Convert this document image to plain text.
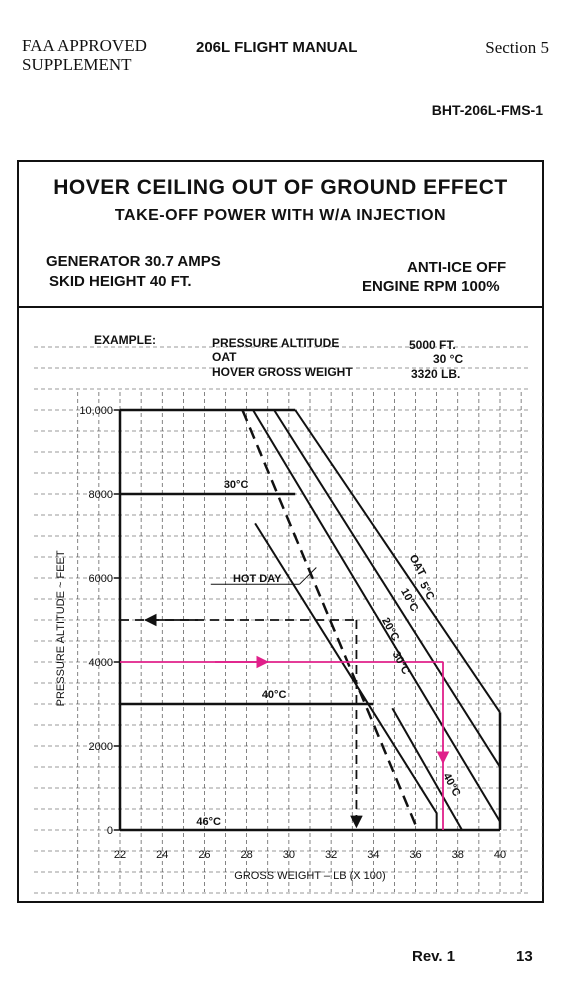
FAA APPROVED
SUPPLEMENT
206L FLIGHT MANUAL	Section 5
BHT-206L-FMS-1
HOVER CEILING OUT OF GROUND EFFECT
TAKE-OFF POWER WITH W/A INJECTION
GENERATOR 30.7 AMPS
SKID HEIGHT 40 FT.
ANTI-ICE OFF
ENGINE RPM 100%
EXAMPLE:	PRESSURE ALTITUDE
OAT
HOVER GROSS WEIGHT
5000 FT.
30 °C
3320 LB.
0
2000
4000
6000
8000
10,000
22	24	26	28	30	32	34	36	38	40
GROSS WEIGHT – LB (X 100)
PRESSURE ALTITUDE ~ FEET
30°C
40°C
46°C
HOT DAY
OAT
5°C
10°C
20°C
30°C
40°C
Rev. 1	13
